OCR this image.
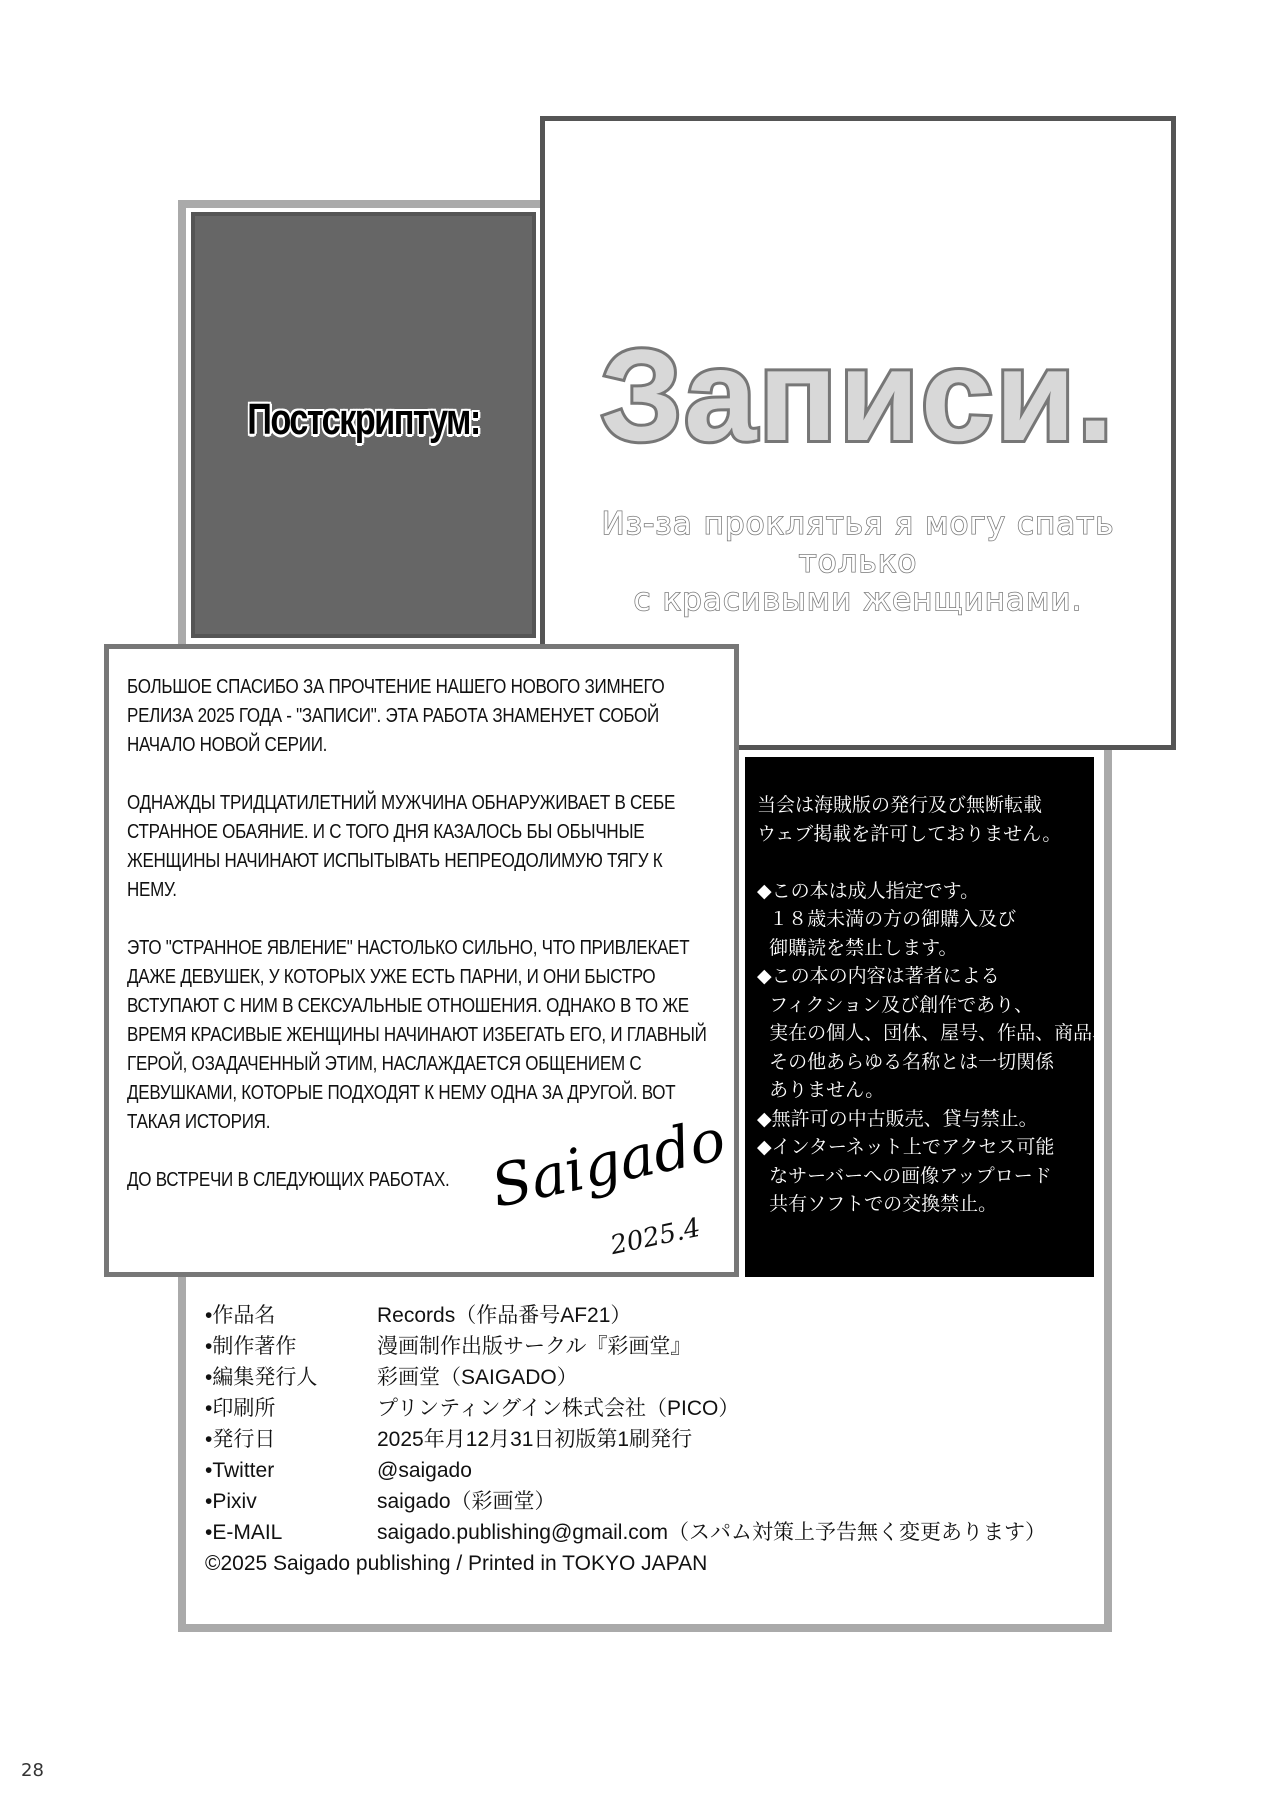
Постскриптум: Записи.
Из-за проклятья я могу спать только
с красивыми женщинами.

БОЛЬШОЕ СПАСИБО ЗА ПРОЧТЕНИЕ НАШЕГО НОВОГО ЗИМНЕГО РЕЛИЗА 2025 ГОДА - "ЗАПИСИ". ЭТА РАБОТА ЗНАМЕНУЕТ СОБОЙ НАЧАЛО НОВОЙ СЕРИИ.

ОДНАЖДЫ ТРИДЦАТИЛЕТНИЙ МУЖЧИНА ОБНАРУЖИВАЕТ В СЕБЕ СТРАННОЕ ОБАЯНИЕ. И С ТОГО ДНЯ КАЗАЛОСЬ БЫ ОБЫЧНЫЕ ЖЕНЩИНЫ НАЧИНАЮТ ИСПЫТЫВАТЬ НЕПРЕОДОЛИМУЮ ТЯГУ К НЕМУ.

ЭТО "СТРАННОЕ ЯВЛЕНИЕ" НАСТОЛЬКО СИЛЬНО, ЧТО ПРИВЛЕКАЕТ ДАЖЕ ДЕВУШЕК, У КОТОРЫХ УЖЕ ЕСТЬ ПАРНИ, И ОНИ БЫСТРО ВСТУПАЮТ С НИМ В СЕКСУАЛЬНЫЕ ОТНОШЕНИЯ. ОДНАКО В ТО ЖЕ ВРЕМЯ КРАСИВЫЕ ЖЕНЩИНЫ НАЧИНАЮТ ИЗБЕГАТЬ ЕГО, И ГЛАВНЫЙ ГЕРОЙ, ОЗАДАЧЕННЫЙ ЭТИМ, НАСЛАЖДАЕТСЯ ОБЩЕНИЕМ С ДЕВУШКАМИ, КОТОРЫЕ ПОДХОДЯТ К НЕМУ ОДНА ЗА ДРУГОЙ. ВОТ ТАКАЯ ИСТОРИЯ.

ДО ВСТРЕЧИ В СЛЕДУЮЩИХ РАБОТАХ. Saigado
2025.4
当会は海賊版の発行及び無断転載
ウェブ掲載を許可しておりません。

◆この本は成人指定です。
１８歳未満の方の御購入及び
御購読を禁止します。
◆この本の内容は著者による
フィクション及び創作であり、
実在の個人、団体、屋号、作品、商品、
その他あらゆる名称とは一切関係
ありません。
◆無許可の中古販売、貸与禁止。
◆インターネット上でアクセス可能
なサーバーへの画像アップロード
共有ソフトでの交換禁止。
•作品名	Records（作品番号AF21）
•制作著作	漫画制作出版サークル『彩画堂』
•編集発行人	彩画堂（SAIGADO）
•印刷所	プリンティングイン株式会社（PICO）
•発行日	2025年月12月31日初版第1刷発行
•Twitter	@saigado
•Pixiv	saigado（彩画堂）
•E-MAIL	saigado.publishing@gmail.com（スパム対策上予告無く変更あります）
©2025 Saigado publishing / Printed in TOKYO JAPAN
28
